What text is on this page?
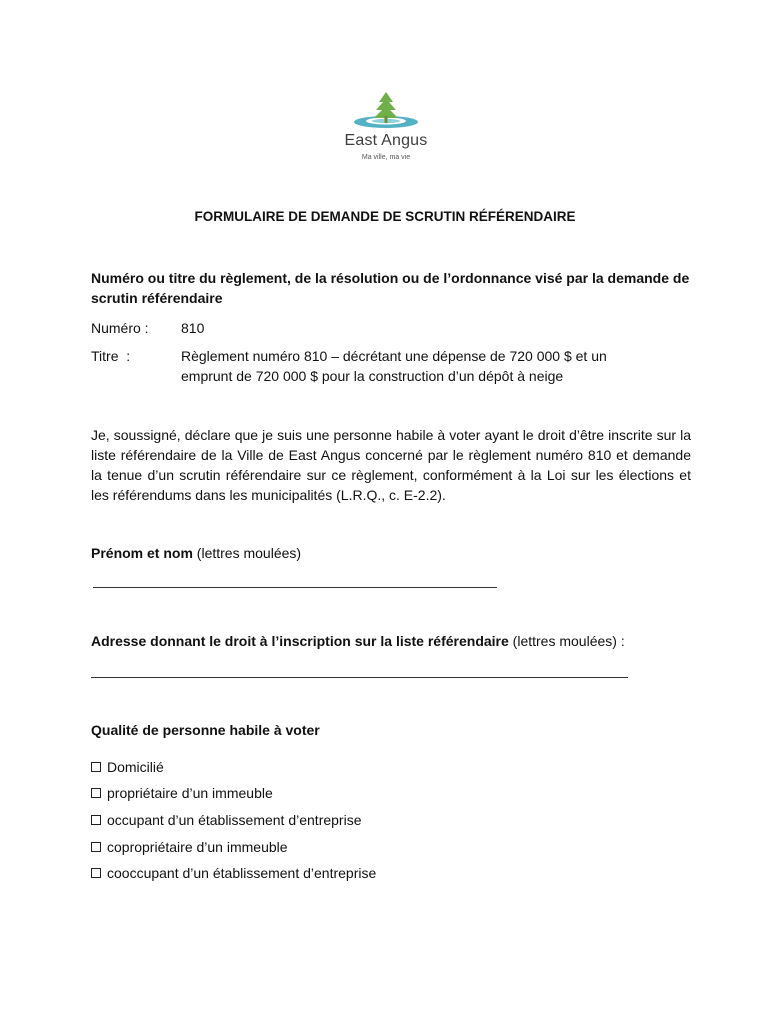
East Angus
Ma ville, ma vie
FORMULAIRE DE DEMANDE DE SCRUTIN RÉFÉRENDAIRE
Numéro ou titre du règlement, de la résolution ou de l’ordonnance visé par la demande de scrutin référendaire
Numéro : 810
Titre  :	Règlement numéro 810 – décrétant une dépense de 720 000 $ et un emprunt de 720 000 $ pour la construction d’un dépôt à neige
Je, soussigné, déclare que je suis une personne habile à voter ayant le droit d’être inscrite sur la liste référendaire de la Ville de East Angus concerné par le règlement numéro 810 et demande la tenue d’un scrutin référendaire sur ce règlement, conformément à la Loi sur les élections et les référendums dans les municipalités (L.R.Q., c. E-2.2).
Prénom et nom (lettres moulées)
Adresse donnant le droit à l’inscription sur la liste référendaire (lettres moulées) :
Qualité de personne habile à voter
Domicilié
propriétaire d’un immeuble
occupant d’un établissement d’entreprise
copropriétaire d’un immeuble
cooccupant d’un établissement d’entreprise
